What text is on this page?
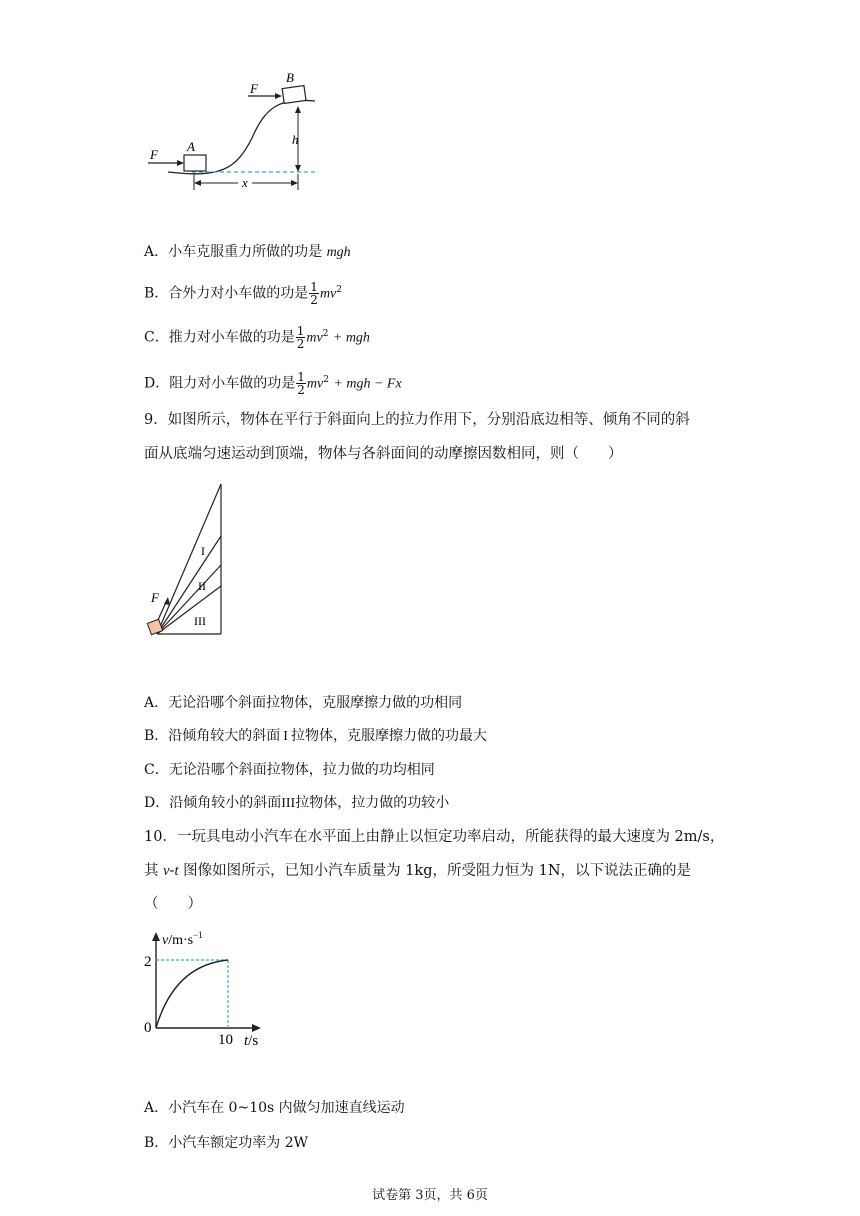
F
F
A
B
h
x
A．小车克服重力所做的功是 mgh
B．合外力对小车做的功是 $\frac{1}{2} mv^2$
C．推力对小车做的功是 $\frac{1}{2} mv^2$ + mgh
D．阻力对小车做的功是 $\frac{1}{2} mv^2$ + mgh − Fx
9．如图所示，物体在平行于斜面向上的拉力作用下，分别沿底边相等、倾角不同的斜
面从底端匀速运动到顶端，物体与各斜面间的动摩擦因数相同，则（　　）
F
I
II
III
A．无论沿哪个斜面拉物体，克服摩擦力做的功相同
B．沿倾角较大的斜面 I 拉物体，克服摩擦力做的功最大
C．无论沿哪个斜面拉物体，拉力做的功均相同
D．沿倾角较小的斜面III拉物体，拉力做的功较小
10．一玩具电动小汽车在水平面上由静止以恒定功率启动，所能获得的最大速度为 2m/s，
其 v-t 图像如图所示，已知小汽车质量为 1kg，所受阻力恒为 1N，以下说法正确的是
（　　）
2
0
10
$v/m\cdot s^{-1}$
t/s
A．小汽车在 0~10s 内做匀加速直线运动
B．小汽车额定功率为 2W
试卷第 3页，共 6页
